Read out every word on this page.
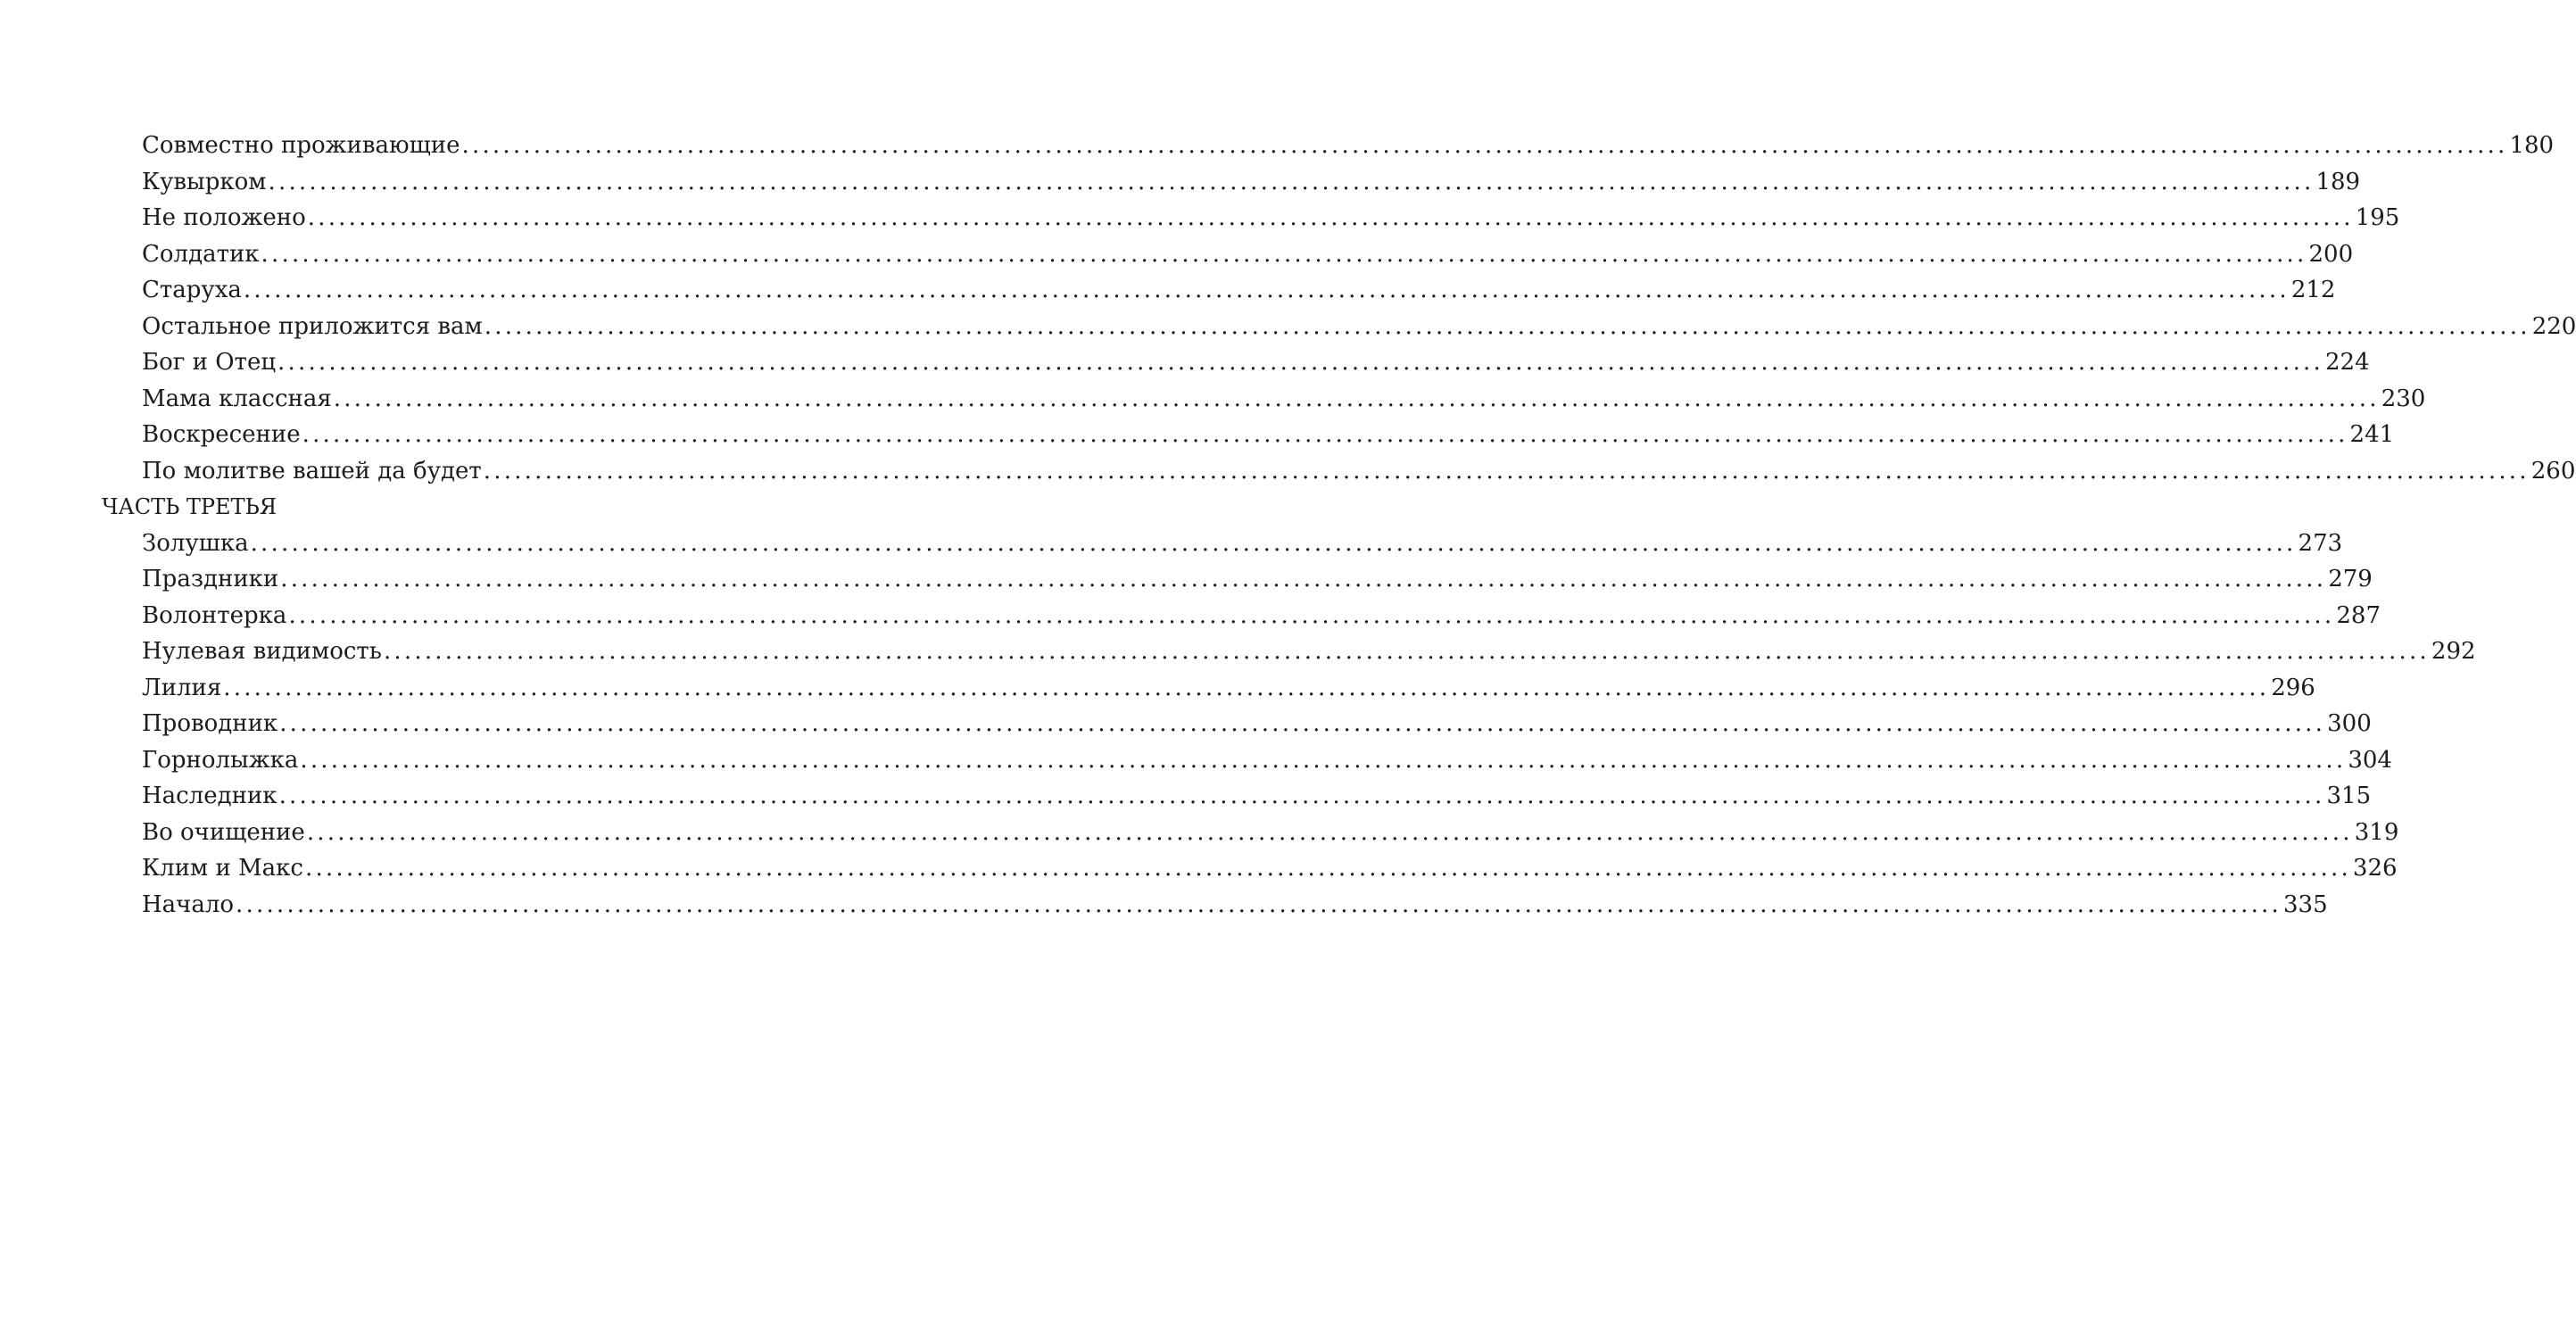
Совместно проживающие ........................................................................................................................................................................................................ 180
Кувырком ........................................................................................................................................................................................................ 189
Не положено ........................................................................................................................................................................................................ 195
Солдатик ........................................................................................................................................................................................................ 200
Старуха ........................................................................................................................................................................................................ 212
Остальное приложится вам ........................................................................................................................................................................................................ 220
Бог и Отец ........................................................................................................................................................................................................ 224
Мама классная ........................................................................................................................................................................................................ 230
Воскресение ........................................................................................................................................................................................................ 241
По молитве вашей да будет ........................................................................................................................................................................................................ 260
ЧАСТЬ ТРЕТЬЯ
Золушка ........................................................................................................................................................................................................ 273
Праздники ........................................................................................................................................................................................................ 279
Волонтерка ........................................................................................................................................................................................................ 287
Нулевая видимость ........................................................................................................................................................................................................ 292
Лилия ........................................................................................................................................................................................................ 296
Проводник ........................................................................................................................................................................................................ 300
Горнолыжка ........................................................................................................................................................................................................ 304
Наследник ........................................................................................................................................................................................................ 315
Во очищение ........................................................................................................................................................................................................ 319
Клим и Макс ........................................................................................................................................................................................................ 326
Начало ........................................................................................................................................................................................................ 335
